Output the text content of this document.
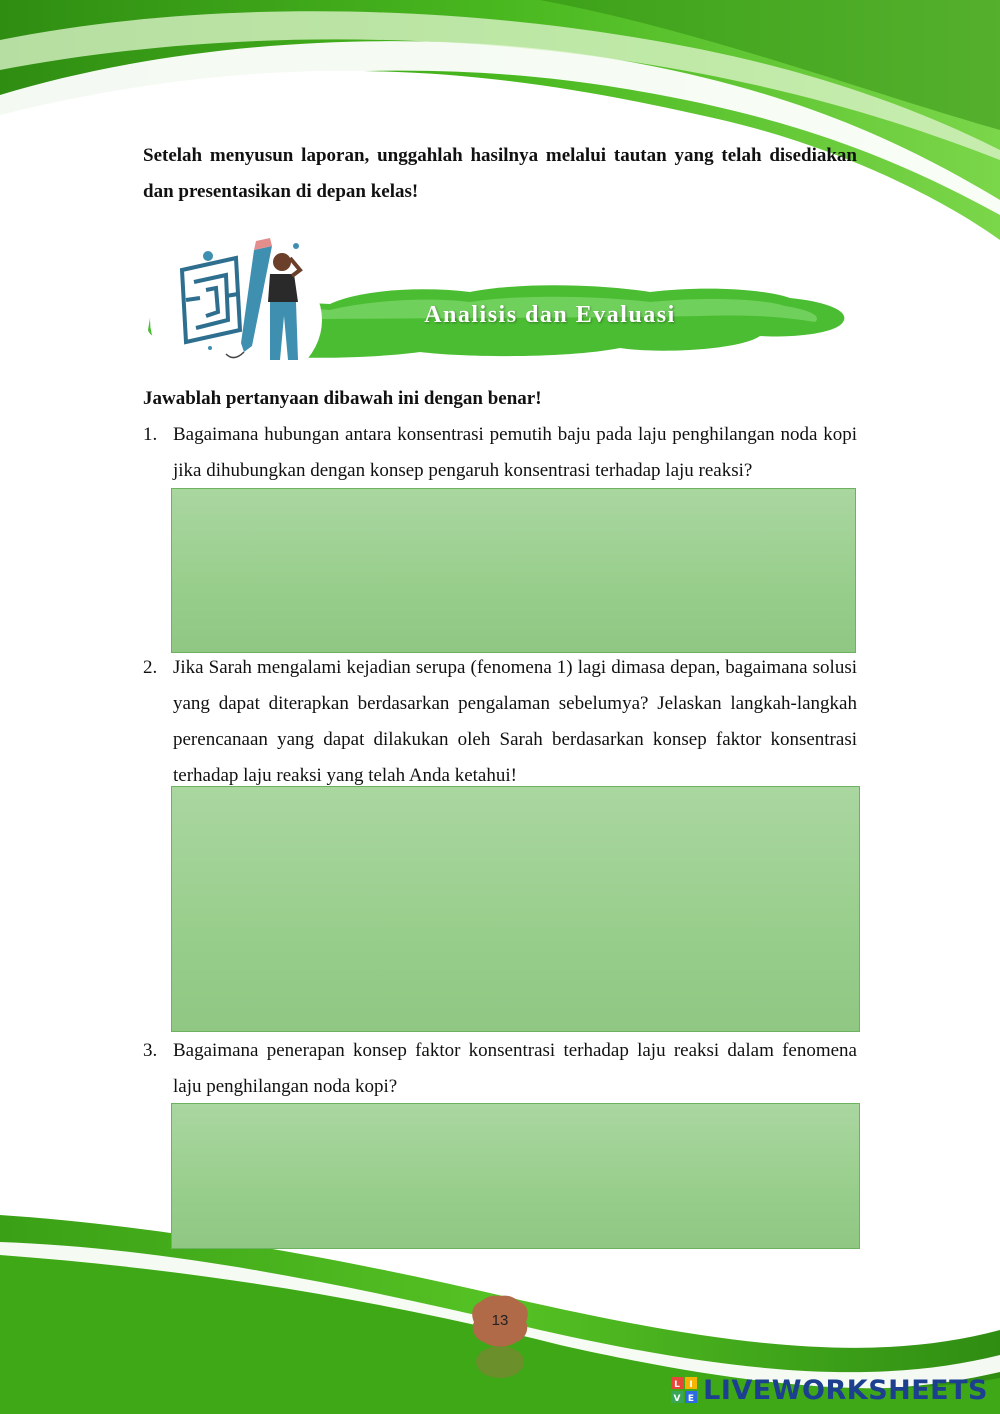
Setelah menyusun laporan, unggahlah hasilnya melalui tautan yang telah disediakan dan presentasikan di depan kelas!
Analisis dan Evaluasi
Jawablah pertanyaan dibawah ini dengan benar!
1. Bagaimana hubungan antara konsentrasi pemutih baju pada laju penghilangan noda kopi jika dihubungkan dengan konsep pengaruh konsentrasi terhadap laju reaksi?
2. Jika Sarah mengalami kejadian serupa (fenomena 1) lagi dimasa depan, bagaimana solusi yang dapat diterapkan berdasarkan pengalaman sebelumya? Jelaskan langkah-langkah perencanaan yang dapat dilakukan oleh Sarah berdasarkan konsep faktor konsentrasi terhadap laju reaksi yang telah Anda ketahui!
3. Bagaimana penerapan konsep faktor konsentrasi terhadap laju reaksi dalam fenomena laju penghilangan noda kopi?
13
L I
V E LIVEWORKSHEETS
